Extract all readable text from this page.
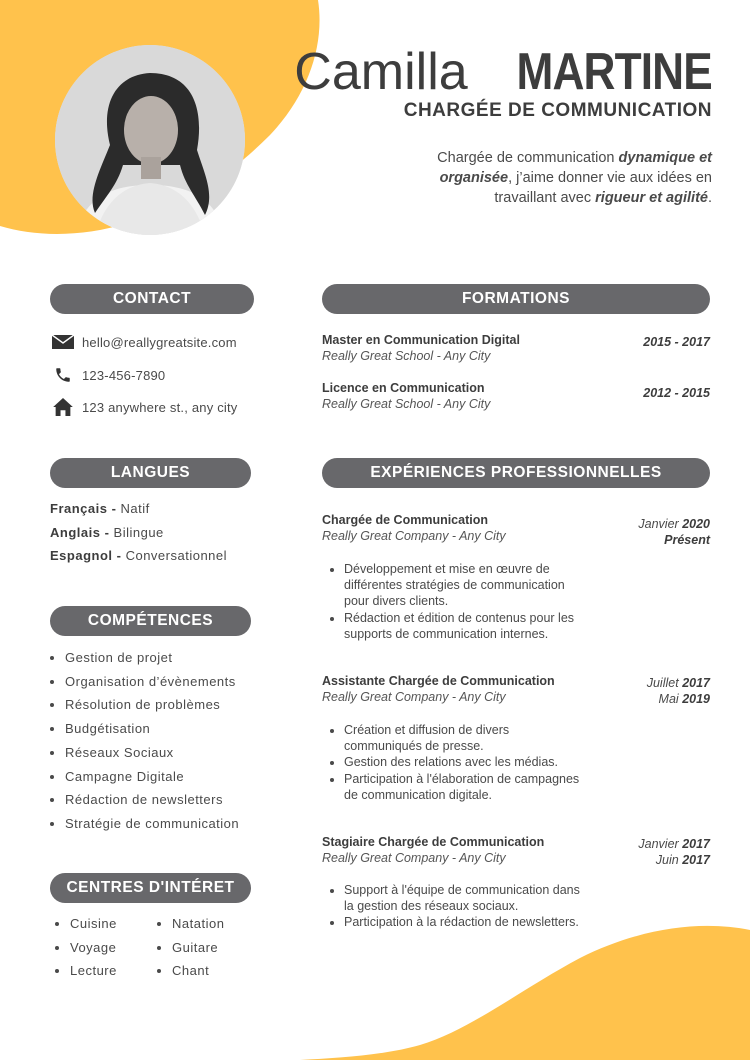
Camilla MARTINE
CHARGÉE DE COMMUNICATION
Chargée de communication dynamique et organisée, j’aime donner vie aux idées en travaillant avec rigueur et agilité.
CONTACT
hello@reallygreatsite.com
123-456-7890
123 anywhere st., any city
LANGUES
Français - Natif
Anglais - Bilingue
Espagnol - Conversationnel
COMPÉTENCES
• Gestion de projet
• Organisation d’évènements
• Résolution de problèmes
• Budgétisation
• Réseaux Sociaux
• Campagne Digitale
• Rédaction de newsletters
• Stratégie de communication
CENTRES D'INTÉRET
• Cuisine
• Voyage
• Lecture
• Natation
• Guitare
• Chant
FORMATIONS
Master en Communication Digital
Really Great School - Any City
2015 - 2017
Licence en Communication
Really Great School - Any City
2012 - 2015
EXPÉRIENCES PROFESSIONNELLES
Chargée de Communication
Really Great Company - Any City
Janvier 2020
Présent
• Développement et mise en œuvre de différentes stratégies de communication pour divers clients.
• Rédaction et édition de contenus pour les supports de communication internes.
Assistante Chargée de Communication
Really Great Company - Any City
Juillet 2017
Mai 2019
• Création et diffusion de divers communiqués de presse.
• Gestion des relations avec les médias.
• Participation à l'élaboration de campagnes de communication digitale.
Stagiaire Chargée de Communication
Really Great Company - Any City
Janvier 2017
Juin 2017
• Support à l'équipe de communication dans la gestion des réseaux sociaux.
• Participation à la rédaction de newsletters.
